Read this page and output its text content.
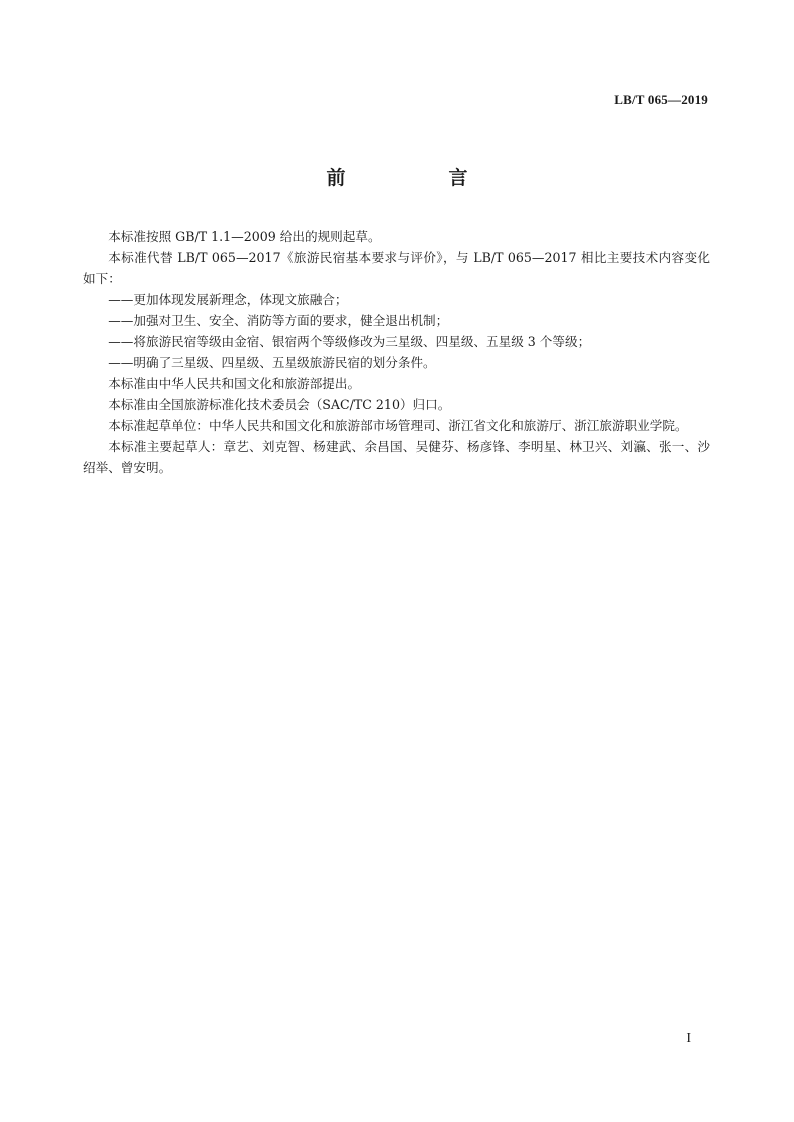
LB/T 065—2019
前　言

本标准按照 GB/T 1.1—2009 给出的规则起草。

本标准代替 LB/T 065—2017《旅游民宿基本要求与评价》，与 LB/T 065—2017 相比主要技术内容变化如下：

——更加体现发展新理念，体现文旅融合；

——加强对卫生、安全、消防等方面的要求，健全退出机制；

——将旅游民宿等级由金宿、银宿两个等级修改为三星级、四星级、五星级 3 个等级；

——明确了三星级、四星级、五星级旅游民宿的划分条件。

本标准由中华人民共和国文化和旅游部提出。

本标准由全国旅游标准化技术委员会（SAC/TC 210）归口。

本标准起草单位：中华人民共和国文化和旅游部市场管理司、浙江省文化和旅游厅、浙江旅游职业学院。

本标准主要起草人：章艺、刘克智、杨建武、余昌国、吴健芬、杨彦锋、李明星、林卫兴、刘瀛、张一、沙绍举、曾安明。

I
